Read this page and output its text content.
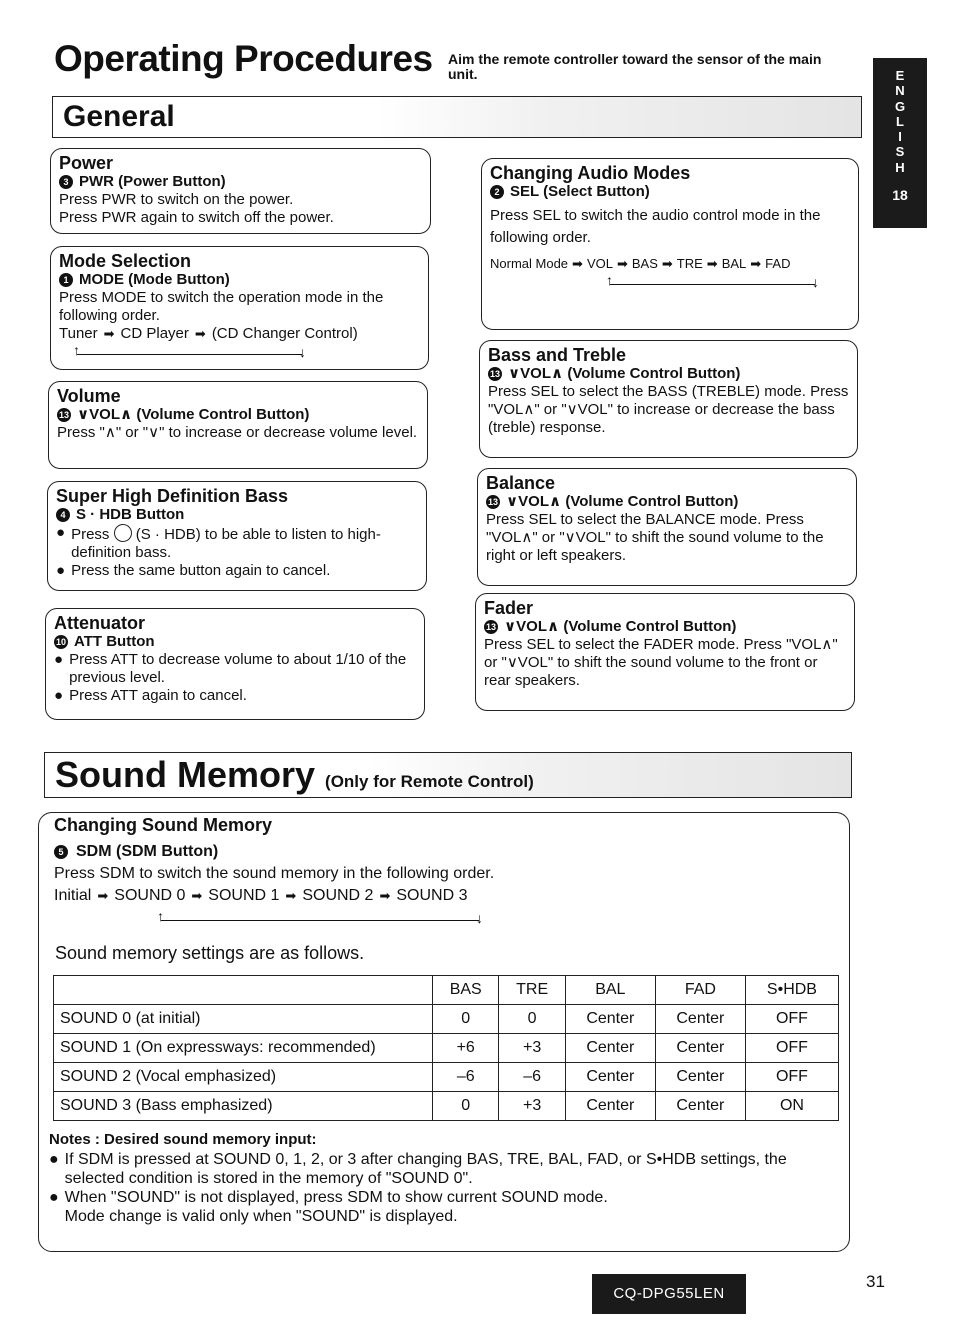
Operating Procedures Aim the remote controller toward the sensor of the main unit.
General
E
N
G
L
I
S
H
18
Power
3 PWR (Power Button)
Press PWR to switch on the power.
Press PWR again to switch off the power.
Mode Selection
1 MODE (Mode Button)
Press MODE to switch the operation mode in the following order.
Tuner ➡ CD Player ➡ (CD Changer Control)
↑	↓
Volume
13 ∨VOL∧ (Volume Control Button)
Press "∧" or "∨" to increase or decrease volume level.
Super High Definition Bass
4 S · HDB Button
● Press (S · HDB) to be able to listen to high-definition bass.
● Press the same button again to cancel.
Attenuator
10 ATT Button
● Press ATT to decrease volume to about 1/10 of the previous level.
● Press ATT again to cancel.
Changing Audio Modes
2 SEL (Select Button)
Press SEL to switch the audio control mode in the following order.
Normal Mode ➡ VOL ➡ BAS ➡ TRE ➡ BAL ➡ FAD
↑	↓
Bass and Treble
13 ∨VOL∧ (Volume Control Button)
Press SEL to select the BASS (TREBLE) mode. Press "VOL∧" or "∨VOL" to increase or decrease the bass (treble) response.
Balance
13 ∨VOL∧ (Volume Control Button)
Press SEL to select the BALANCE mode. Press "VOL∧" or "∨VOL" to shift the sound volume to the right or left speakers.
Fader
13 ∨VOL∧ (Volume Control Button)
Press SEL to select the FADER mode. Press "VOL∧" or "∨VOL" to shift the sound volume to the front or rear speakers.
Sound Memory (Only for Remote Control)
Changing Sound Memory
5 SDM (SDM Button)
Press SDM to switch the sound memory in the following order.
Initial ➡ SOUND 0 ➡ SOUND 1 ➡ SOUND 2 ➡ SOUND 3
↑	↓
Sound memory settings are as follows.
	BAS	TRE	BAL	FAD	S•HDB
SOUND 0 (at initial)	0	0	Center	Center	OFF
SOUND 1 (On expressways: recommended)	+6	+3	Center	Center	OFF
SOUND 2 (Vocal emphasized)	–6	–6	Center	Center	OFF
SOUND 3 (Bass emphasized)	0	+3	Center	Center	ON
Notes : Desired sound memory input:
● If SDM is pressed at SOUND 0, 1, 2, or 3 after changing BAS, TRE, BAL, FAD, or S•HDB settings, the selected condition is stored in the memory of "SOUND 0".
● When "SOUND" is not displayed, press SDM to show current SOUND mode.
Mode change is valid only when "SOUND" is displayed.
CQ-DPG55LEN
31
